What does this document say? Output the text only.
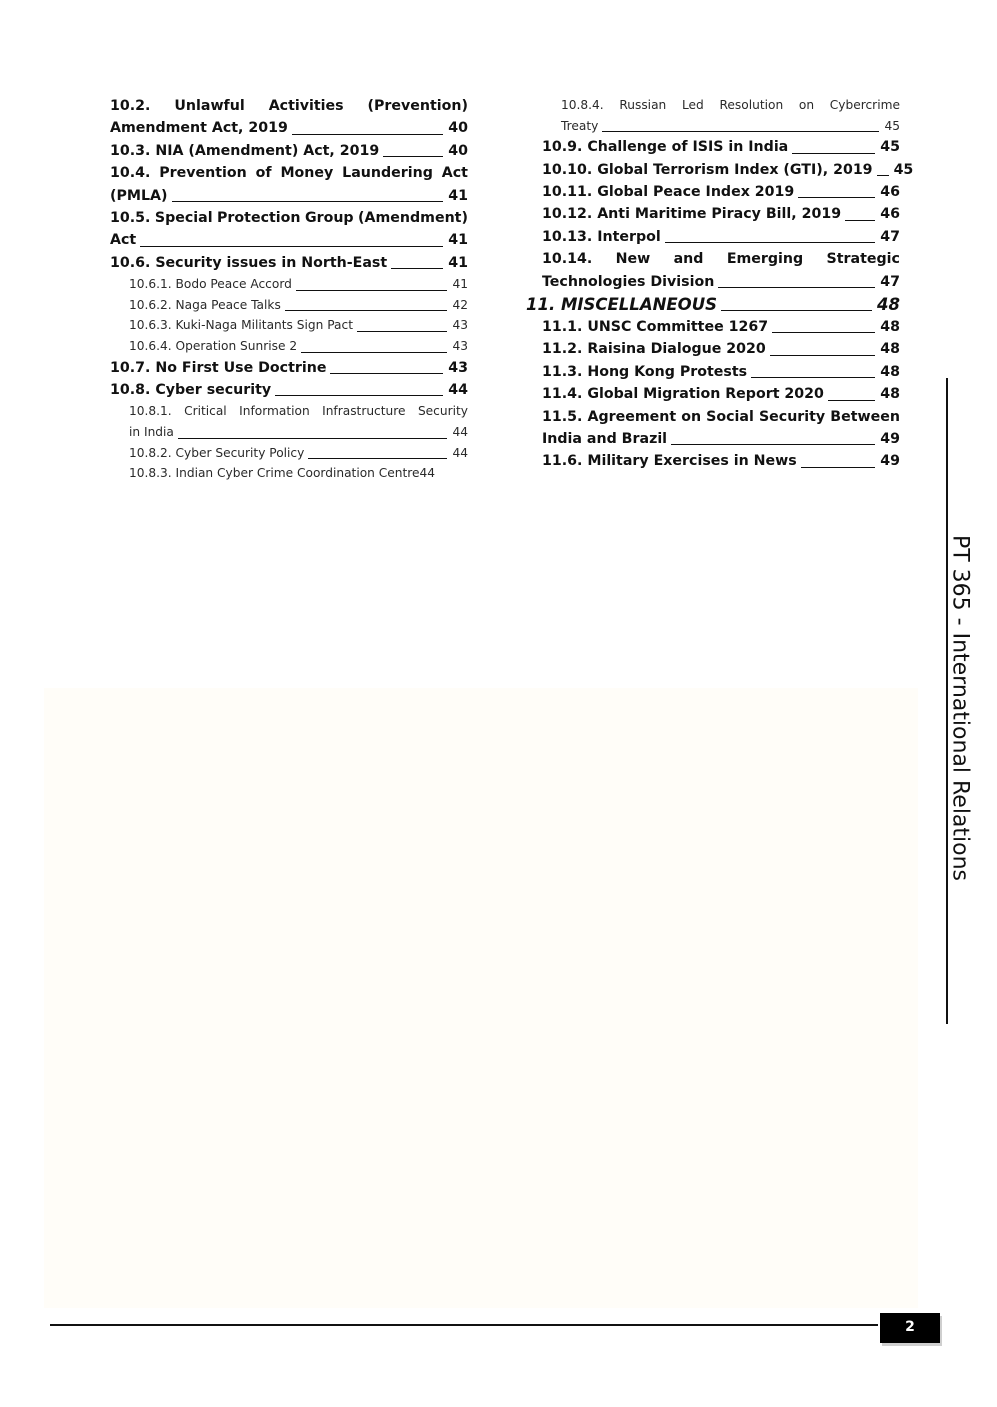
10.2. Unlawful Activities (Prevention)
Amendment Act, 2019	40
10.3. NIA (Amendment) Act, 2019	40
10.4. Prevention of Money Laundering Act
(PMLA)	41
10.5. Special Protection Group (Amendment)
Act	41
10.6. Security issues in North-East	41
10.6.1. Bodo Peace Accord	41
10.6.2. Naga Peace Talks	42
10.6.3. Kuki-Naga Militants Sign Pact	43
10.6.4. Operation Sunrise 2	43
10.7. No First Use Doctrine	43
10.8. Cyber security	44
10.8.1. Critical Information Infrastructure Security
in India	44
10.8.2. Cyber Security Policy	44
10.8.3. Indian Cyber Crime Coordination Centre 44
10.8.4. Russian Led Resolution on Cybercrime
Treaty	45
10.9. Challenge of ISIS in India	45
10.10. Global Terrorism Index (GTI), 2019 45
10.11. Global Peace Index 2019	46
10.12. Anti Maritime Piracy Bill, 2019	46
10.13. Interpol	47
10.14. New and Emerging Strategic
Technologies Division	47
11. MISCELLANEOUS	48
11.1. UNSC Committee 1267	48
11.2. Raisina Dialogue 2020	48
11.3. Hong Kong Protests	48
11.4. Global Migration Report 2020	48
11.5. Agreement on Social Security Between
India and Brazil	49
11.6. Military Exercises in News	49
PT 365 - International Relations
2
